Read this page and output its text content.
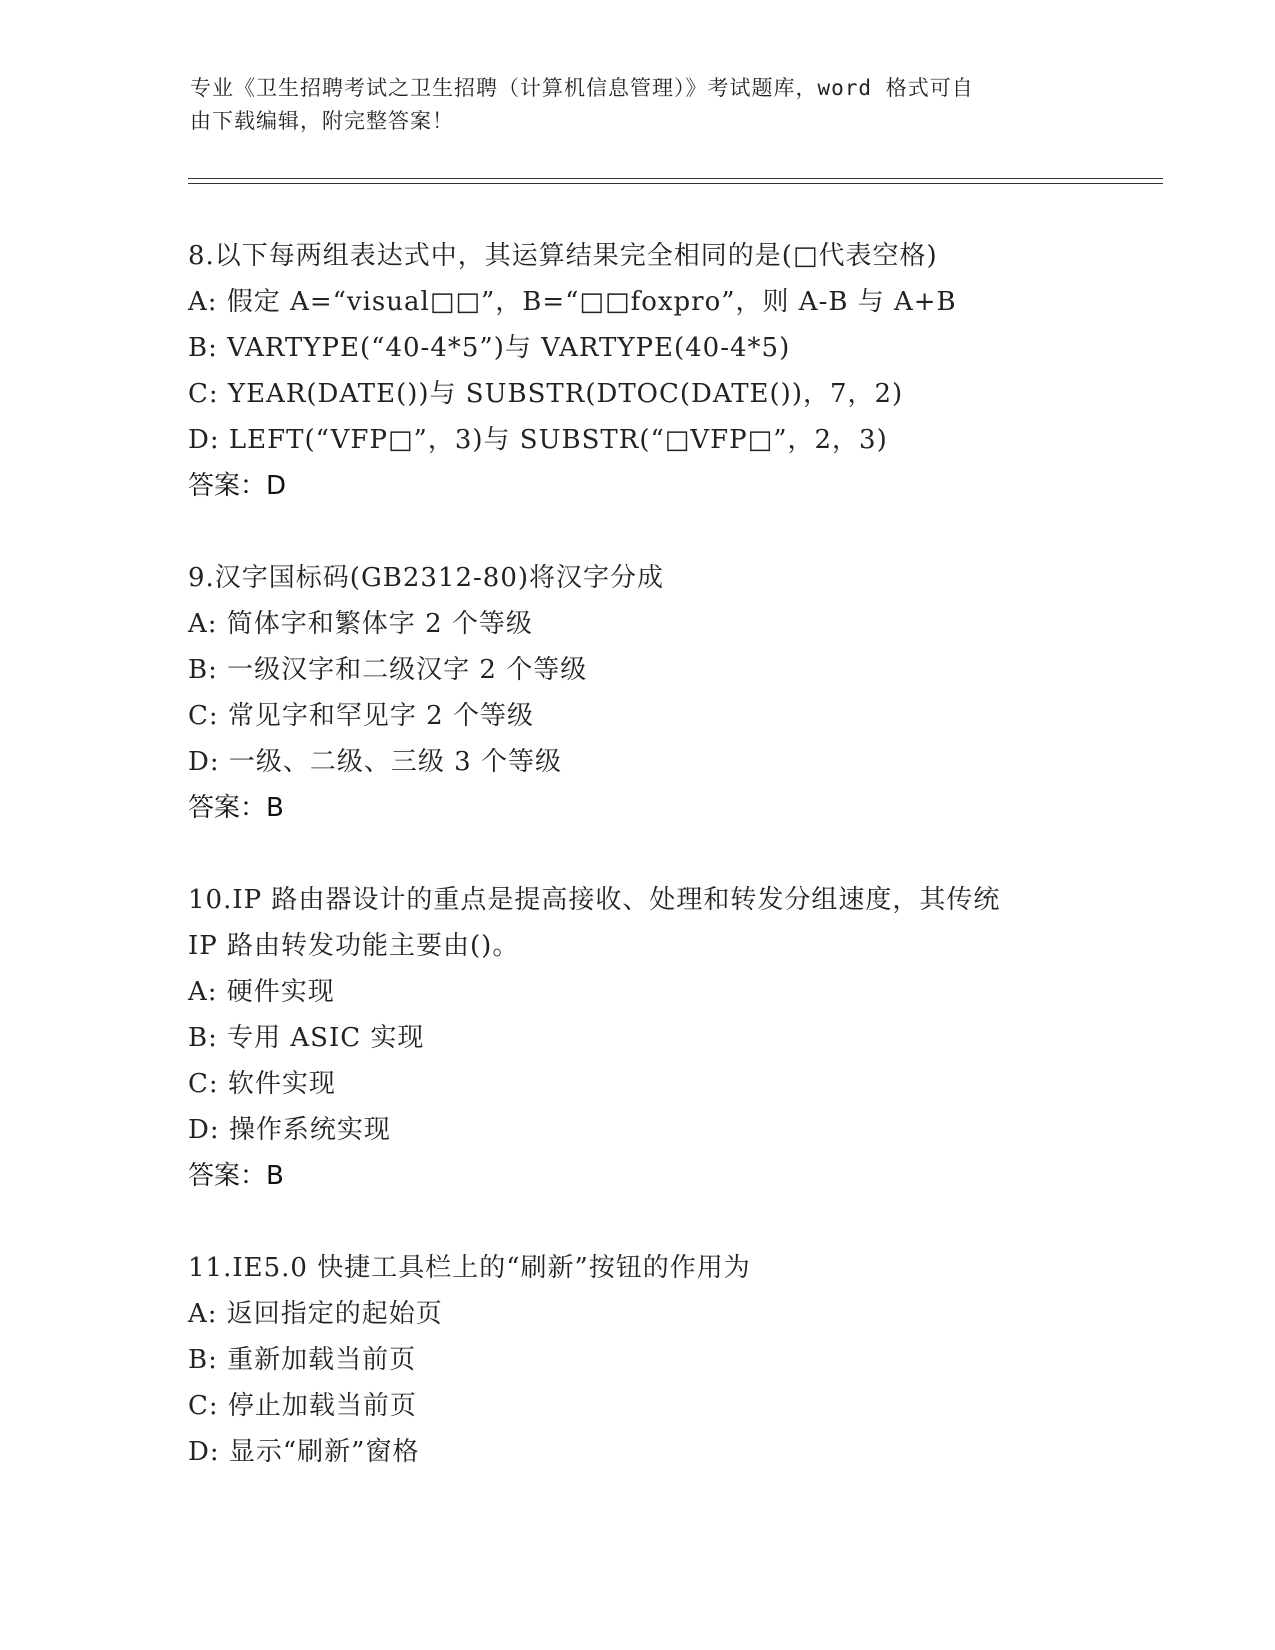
专业《卫生招聘考试之卫生招聘（计算机信息管理）》考试题库，word 格式可自
由下载编辑，附完整答案！
8.以下每两组表达式中，其运算结果完全相同的是(□代表空格)
A: 假定 A=“visual□□”，B=“□□foxpro”，则 A-B 与 A+B
B: VARTYPE(“40-4*5”)与 VARTYPE(40-4*5)
C: YEAR(DATE())与 SUBSTR(DTOC(DATE())，7，2)
D: LEFT(“VFP□”，3)与 SUBSTR(“□VFP□”，2，3)
答案：D
9.汉字国标码(GB2312-80)将汉字分成
A: 简体字和繁体字 2 个等级
B: 一级汉字和二级汉字 2 个等级
C: 常见字和罕见字 2 个等级
D: 一级、二级、三级 3 个等级
答案：B
10.IP 路由器设计的重点是提高接收、处理和转发分组速度，其传统
IP 路由转发功能主要由()。
A: 硬件实现
B: 专用 ASIC 实现
C: 软件实现
D: 操作系统实现
答案：B
11.IE5.0 快捷工具栏上的“刷新”按钮的作用为
A: 返回指定的起始页
B: 重新加载当前页
C: 停止加载当前页
D: 显示“刷新”窗格
